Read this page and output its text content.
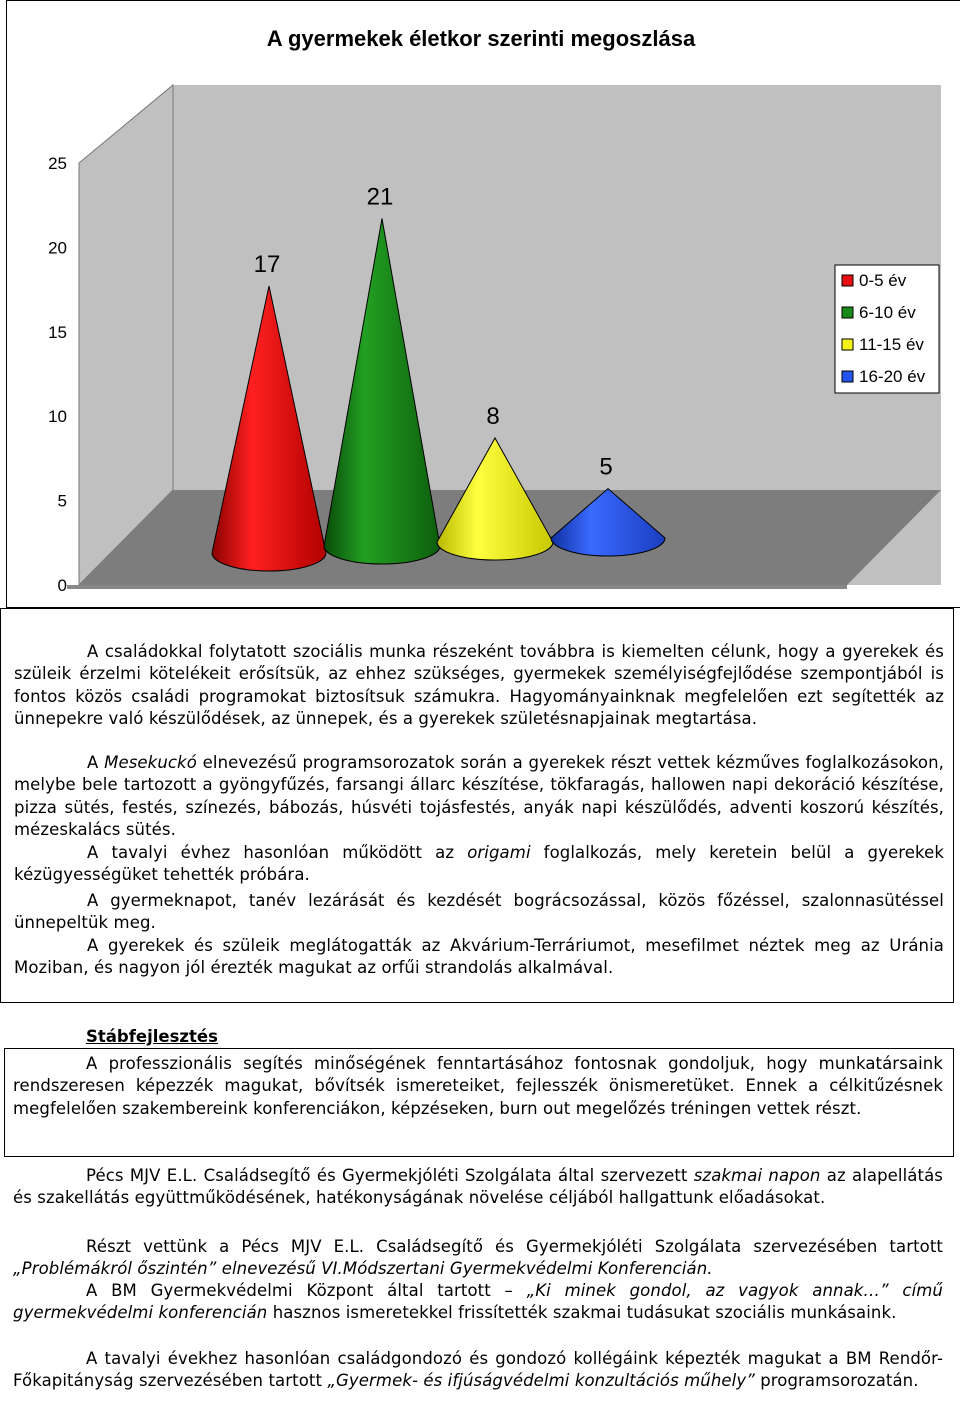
A gyermekek életkor szerinti megoszlása
0
5
10
15
20
25
17
21
8
5
0-5 év
6-10 év
11-15 év
16-20 év

A családokkal folytatott szociális munka részeként továbbra is kiemelten célunk, hogy a gyerekek és szüleik érzelmi kötelékeit erősítsük, az ehhez szükséges, gyermekek személyiségfejlődése szempontjából is fontos közös családi programokat biztosítsuk számukra. Hagyományainknak megfelelően ezt segítették az ünnepekre való készülődések, az ünnepek, és a gyerekek születésnapjainak megtartása.

A Mesekuckó elnevezésű programsorozatok során a gyerekek részt vettek kézműves foglalkozásokon, melybe bele tartozott a gyöngyfűzés, farsangi állarc készítése, tökfaragás, hallowen napi dekoráció készítése, pizza sütés, festés, színezés, bábozás, húsvéti tojásfestés, anyák napi készülődés, adventi koszorú készítés, mézeskalács sütés.

A tavalyi évhez hasonlóan működött az origami foglalkozás, mely keretein belül a gyerekek kézügyességüket tehették próbára.

A gyermeknapot, tanév lezárását és kezdését bográcsozással, közös főzéssel, szalonnasütéssel ünnepeltük meg.

A gyerekek és szüleik meglátogatták az Akvárium-Terráriumot, mesefilmet néztek meg az Uránia Moziban, és nagyon jól érezték magukat az orfűi strandolás alkalmával.

Stábfejlesztés

A professzionális segítés minőségének fenntartásához fontosnak gondoljuk, hogy munkatársaink rendszeresen képezzék magukat, bővítsék ismereteiket, fejlesszék önismeretüket. Ennek a célkitűzésnek megfelelően szakembereink konferenciákon, képzéseken, burn out megelőzés tréningen vettek részt.

Pécs MJV E.L. Családsegítő és Gyermekjóléti Szolgálata által szervezett szakmai napon az alapellátás és szakellátás együttműködésének, hatékonyságának növelése céljából hallgattunk előadásokat.

Részt vettünk a Pécs MJV E.L. Családsegítő és Gyermekjóléti Szolgálata szervezésében tartott „Problémákról őszintén” elnevezésű VI.Módszertani Gyermekvédelmi Konferencián.

A BM Gyermekvédelmi Központ által tartott – „Ki minek gondol, az vagyok annak…” című gyermekvédelmi konferencián hasznos ismeretekkel frissítették szakmai tudásukat szociális munkásaink.

A tavalyi évekhez hasonlóan családgondozó és gondozó kollégáink képezték magukat a BM Rendőr-Főkapitányság szervezésében tartott „Gyermek- és ifjúságvédelmi konzultációs műhely” programsorozatán.
